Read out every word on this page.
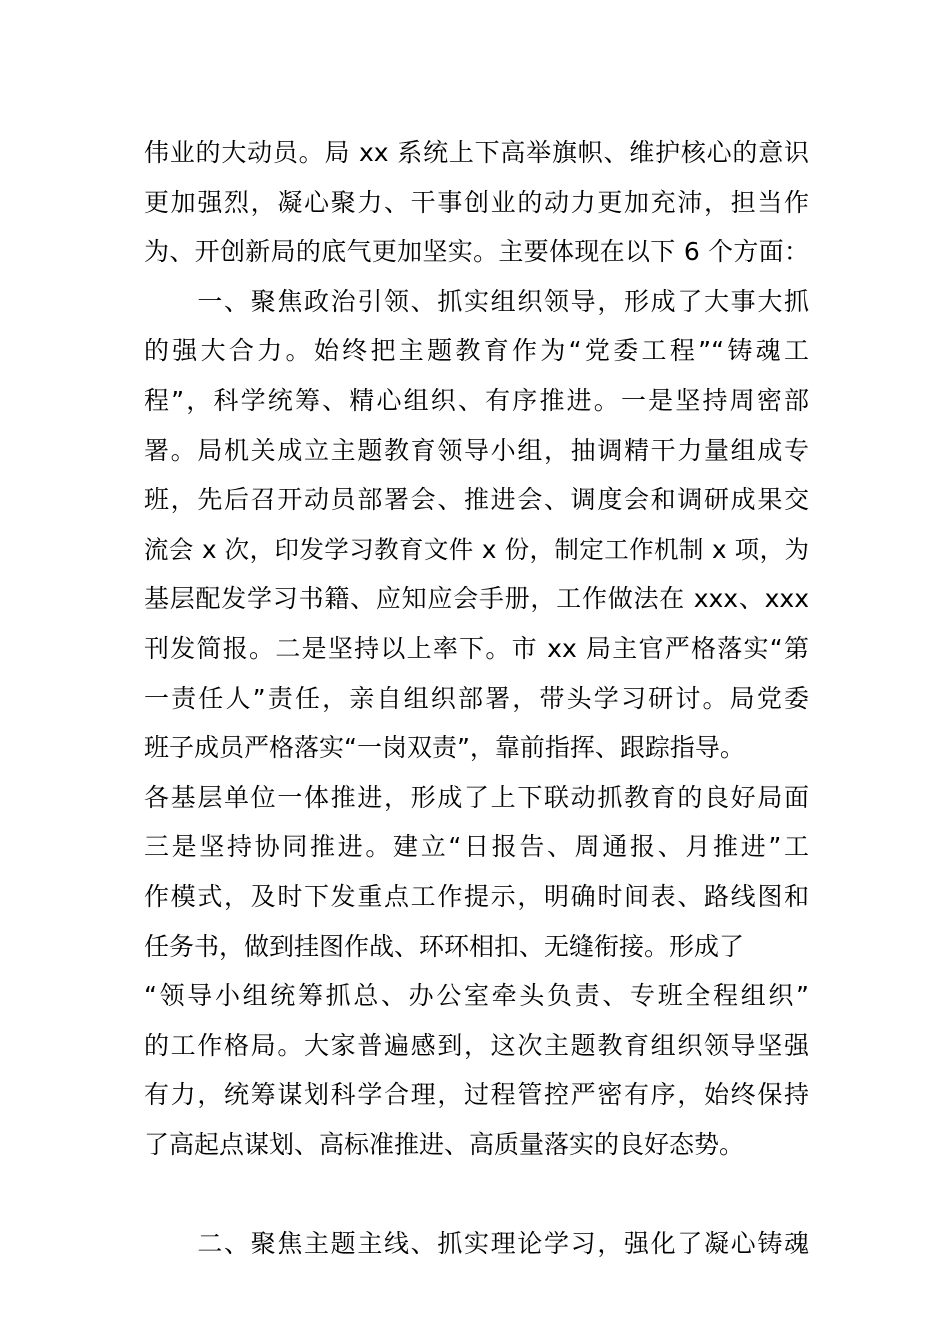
伟业的大动员。局 xx 系统上下高举旗帜、维护核心的意识
更加强烈，凝心聚力、干事创业的动力更加充沛，担当作
为、开创新局的底气更加坚实。主要体现在以下 6 个方面：
　　一、聚焦政治引领、抓实组织领导，形成了大事大抓
的强大合力。始终把主题教育作为“党委工程”“铸魂工
程”，科学统筹、精心组织、有序推进。一是坚持周密部
署。局机关成立主题教育领导小组，抽调精干力量组成专
班，先后召开动员部署会、推进会、调度会和调研成果交
流会 x 次，印发学习教育文件 x 份，制定工作机制 x 项，为
基层配发学习书籍、应知应会手册，工作做法在 xxx、xxx
刊发简报。二是坚持以上率下。市 xx 局主官严格落实“第
一责任人”责任，亲自组织部署，带头学习研讨。局党委
班子成员严格落实“一岗双责”，靠前指挥、跟踪指导。
各基层单位一体推进，形成了上下联动抓教育的良好局面
三是坚持协同推进。建立“日报告、周通报、月推进”工
作模式，及时下发重点工作提示，明确时间表、路线图和
任务书，做到挂图作战、环环相扣、无缝衔接。形成了
“领导小组统筹抓总、办公室牵头负责、专班全程组织”
的工作格局。大家普遍感到，这次主题教育组织领导坚强
有力，统筹谋划科学合理，过程管控严密有序，始终保持
了高起点谋划、高标准推进、高质量落实的良好态势。
　　二、聚焦主题主线、抓实理论学习，强化了凝心铸魂
